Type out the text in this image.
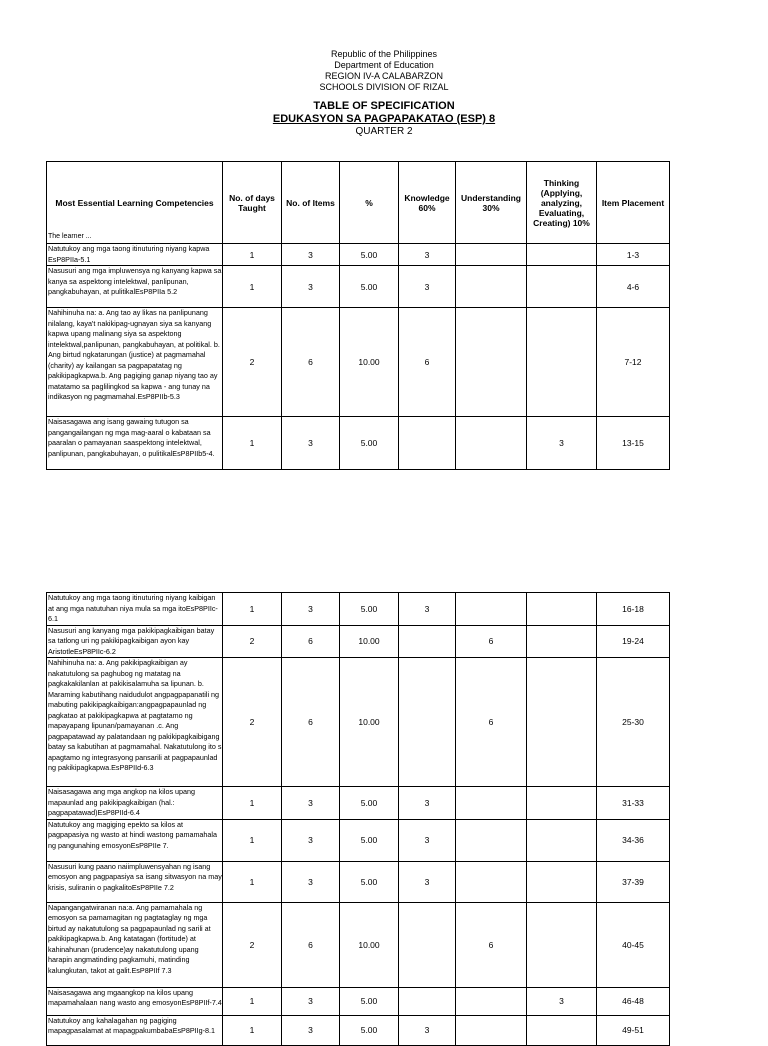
Republic of the Philippines
Department of Education
REGION IV-A CALABARZON
SCHOOLS DIVISION OF RIZAL
TABLE OF SPECIFICATION
EDUKASYON SA PAGPAPAKATAO (ESP) 8
QUARTER 2
Most Essential Learning Competencies
The learner ...	No. of days Taught	No. of Items	%	Knowledge 60%	Understanding 30%	Thinking (Applying, analyzing, Evaluating, Creating) 10%	Item Placement
Natutukoy ang mga taong itinuturing niyang kapwa EsP8PIIa-5.1	1	3	5.00	3			1-3
Nasusuri ang mga impluwensya ng kanyang kapwa sa kanya sa aspektong intelektwal, panlipunan, pangkabuhayan, at pulitikalEsP8PIIa 5.2	1	3	5.00	3			4-6
Nahihinuha na: a. Ang tao ay likas na panlipunang nilalang, kaya't nakikipag-ugnayan siya sa kanyang kapwa upang malinang siya sa aspektong intelektwal,panlipunan, pangkabuhayan, at politikal. b. Ang birtud ngkatarungan (justice) at pagmamahal (charity) ay kailangan sa pagpapatatag ng pakikipagkapwa.b. Ang pagiging ganap niyang tao ay matatamo sa paglilingkod sa kapwa - ang tunay na indikasyon ng pagmamahal.EsP8PIIb-5.3	2	6	10.00	6			7-12
Naisasagawa ang isang gawaing tutugon sa pangangailangan ng mga mag-aaral o kabataan sa paaralan o pamayanan saaspektong intelektwal, panlipunan, pangkabuhayan, o pulitikalEsP8PIIb5-4.	1	3	5.00			3	13-15
Natutukoy ang mga taong itinuturing niyang kaibigan at ang mga natutuhan niya mula sa mga itoEsP8PIIc-6.1	1	3	5.00	3			16-18
Nasusuri ang kanyang mga pakikipagkaibigan batay sa tatlong uri ng pakikipagkaibigan ayon kay AristotleEsP8PIIc-6.2	2	6	10.00		6		19-24
Nahihinuha na: a. Ang pakikipagkaibigan ay nakatutulong sa paghubog ng matatag na pagkakakilanlan at pakikisalamuha sa lipunan. b. Maraming kabutihang naidudulot angpagpapanatili ng mabuting pakikipagkaibigan:angpagpapaunlad ng pagkatao at pakikipagkapwa at pagtatamo ng mapayapang lipunan/pamayanan .c. Ang pagpapatawad ay palatandaan ng pakikipagkaibigang batay sa kabutihan at pagmamahal. Nakatutulong ito s apagtamo ng integrasyong pansarili at pagpapaunlad ng pakikipagkapwa.EsP8PIId-6.3	2	6	10.00		6		25-30
Naisasagawa ang mga angkop na kilos upang mapaunlad ang pakikipagkaibigan (hal.: pagpapatawad)EsP8PIId-6.4	1	3	5.00	3			31-33
Natutukoy ang magiging epekto sa kilos at pagpapasiya ng wasto at hindi wastong pamamahala ng pangunahing emosyonEsP8PIIe 7.	1	3	5.00	3			34-36
Nasusuri kung paano naiimpluwensyahan ng isang emosyon ang pagpapasiya sa isang sitwasyon na may krisis, suliranin o pagkalitoEsP8PIIe 7.2	1	3	5.00	3			37-39
Napangangatwiranan na:a. Ang pamamahala ng emosyon sa pamamagitan ng pagtataglay ng mga birtud ay nakatutulong sa pagpapaunlad ng sarili at pakikipagkapwa.b. Ang katatagan (fortitude) at kahinahunan (prudence)ay nakatutulong upang harapin angmatinding pagkamuhi, matinding kalungkutan, takot at galit.EsP8PIIf 7.3	2	6	10.00		6		40-45
Naisasagawa ang mgaangkop na kilos upang mapamahalaan nang wasto ang emosyonEsP8PIIf-7.4	1	3	5.00			3	46-48
Natutukoy ang kahalagahan ng pagiging mapagpasalamat at mapagpakumbabaEsP8PIIg-8.1	1	3	5.00	3			49-51
